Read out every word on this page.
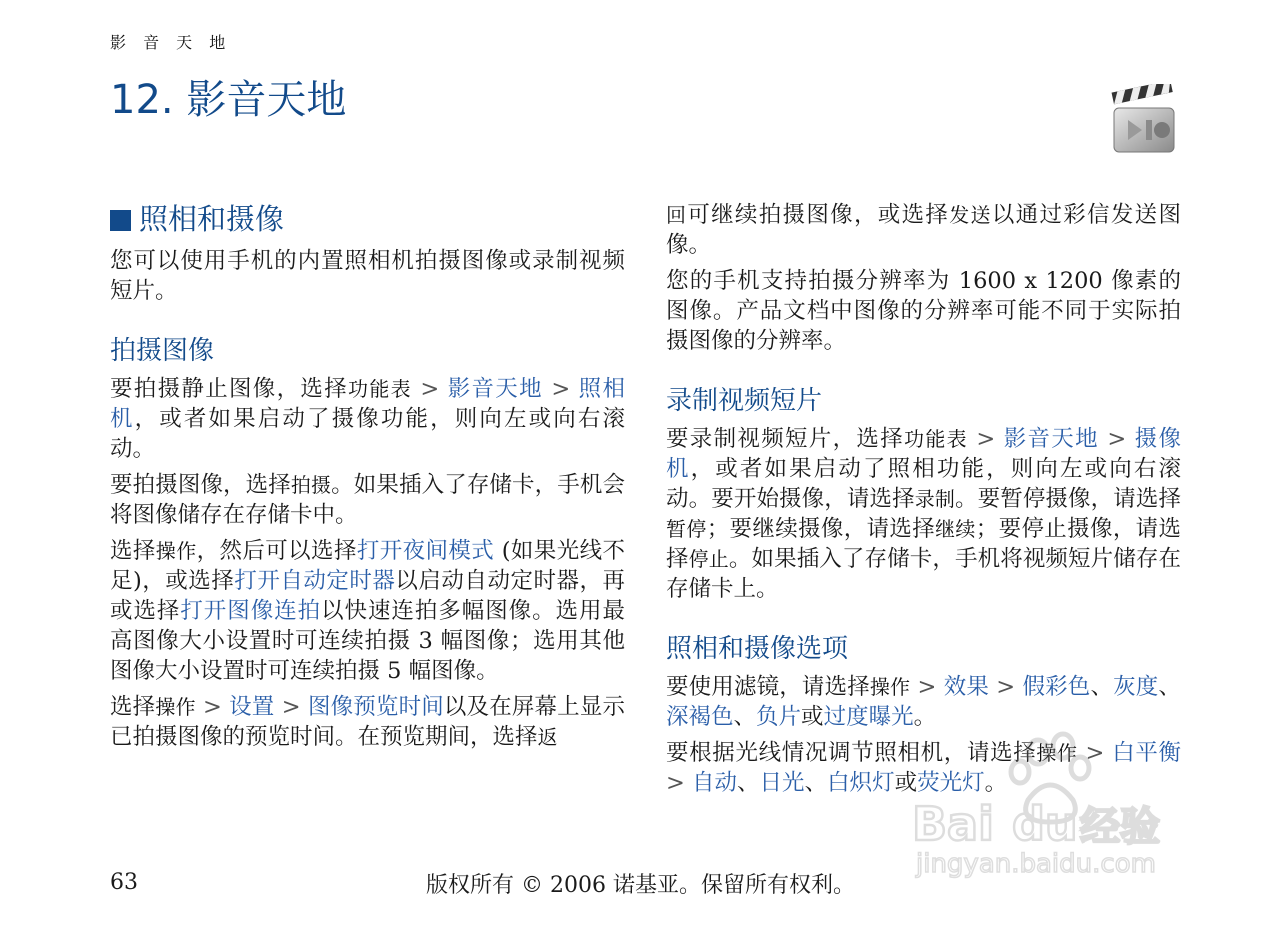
影 音 天 地
12. 影音天地
照相和摄像

您可以使用手机的内置照相机拍摄图像或录制视频短片。

拍摄图像

要拍摄静止图像，选择功能表 > 影音天地 > 照相机，或者如果启动了摄像功能，则向左或向右滚动。

要拍摄图像，选择拍摄。如果插入了存储卡，手机会将图像储存在存储卡中。

选择操作，然后可以选择打开夜间模式 (如果光线不足)，或选择打开自动定时器以启动自动定时器，再或选择打开图像连拍以快速连拍多幅图像。选用最高图像大小设置时可连续拍摄 3 幅图像；选用其他图像大小设置时可连续拍摄 5 幅图像。

选择操作 > 设置 > 图像预览时间以及在屏幕上显示已拍摄图像的预览时间。在预览期间，选择返

回可继续拍摄图像，或选择发送以通过彩信发送图像。

您的手机支持拍摄分辨率为 1600 x 1200 像素的图像。产品文档中图像的分辨率可能不同于实际拍摄图像的分辨率。

录制视频短片

要录制视频短片，选择功能表 > 影音天地 > 摄像机，或者如果启动了照相功能，则向左或向右滚动。要开始摄像，请选择录制。要暂停摄像，请选择暂停；要继续摄像，请选择继续；要停止摄像，请选择停止。如果插入了存储卡，手机将视频短片储存在存储卡上。

照相和摄像选项

要使用滤镜，请选择操作 > 效果 > 假彩色、灰度、深褐色、负片或过度曝光。

要根据光线情况调节照相机，请选择操作 > 白平衡 > 自动、日光、白炽灯或荧光灯。

Bai du 经验
jingyan.baidu.com
63	版权所有 © 2006 诺基亚。保留所有权利。
